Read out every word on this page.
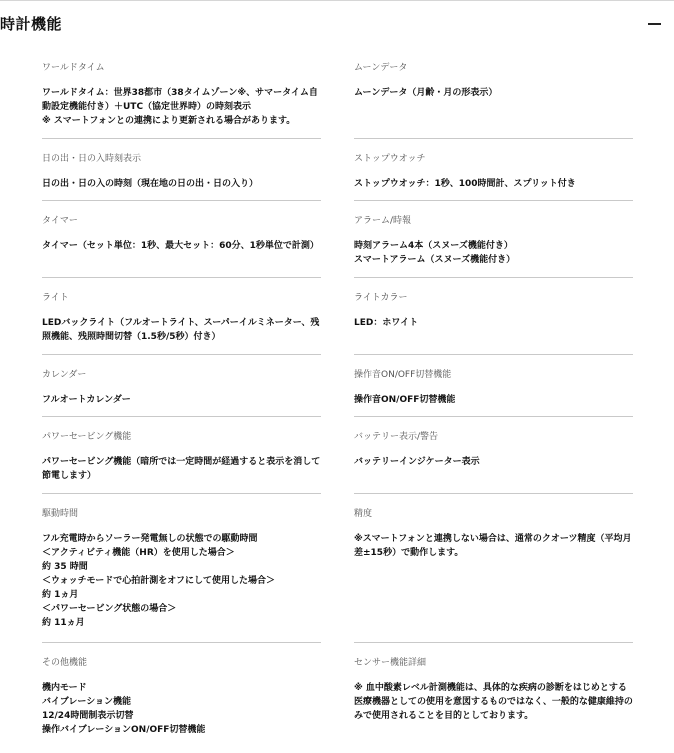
時計機能
ワールドタイム
ワールドタイム：世界38都市（38タイムゾーン※、サマータイム自動設定機能付き）＋UTC（協定世界時）の時刻表示
※ スマートフォンとの連携により更新される場合があります。
ムーンデータ
ムーンデータ（月齢・月の形表示）
日の出・日の入時刻表示
日の出・日の入の時刻（現在地の日の出・日の入り）
ストップウオッチ
ストップウオッチ：1秒、100時間計、スプリット付き
タイマー
タイマー（セット単位：1秒、最大セット：60分、1秒単位で計測）
アラーム/時報
時刻アラーム4本（スヌーズ機能付き）
スマートアラーム（スヌーズ機能付き）
ライト
LEDバックライト（フルオートライト、スーパーイルミネーター、残照機能、残照時間切替（1.5秒/5秒）付き）
ライトカラー
LED：ホワイト
カレンダー
フルオートカレンダー
操作音ON/OFF切替機能
操作音ON/OFF切替機能
パワーセービング機能
パワーセービング機能（暗所では一定時間が経過すると表示を消して節電します）
バッテリー表示/警告
バッテリーインジケーター表示
駆動時間
フル充電時からソーラー発電無しの状態での駆動時間
＜アクティビティ機能（HR）を使用した場合＞
約 35 時間
＜ウォッチモードで心拍計測をオフにして使用した場合＞
約 1ヵ月
＜パワーセービング状態の場合＞
約 11ヵ月
精度
※スマートフォンと連携しない場合は、通常のクオーツ精度（平均月差±15秒）で動作します。
その他機能
機内モード
バイブレーション機能
12/24時間制表示切替
操作バイブレーションON/OFF切替機能
センサー機能詳細
※ 血中酸素レベル計測機能は、具体的な疾病の診断をはじめとする医療機器としての使用を意図するものではなく、一般的な健康維持のみで使用されることを目的としております。
